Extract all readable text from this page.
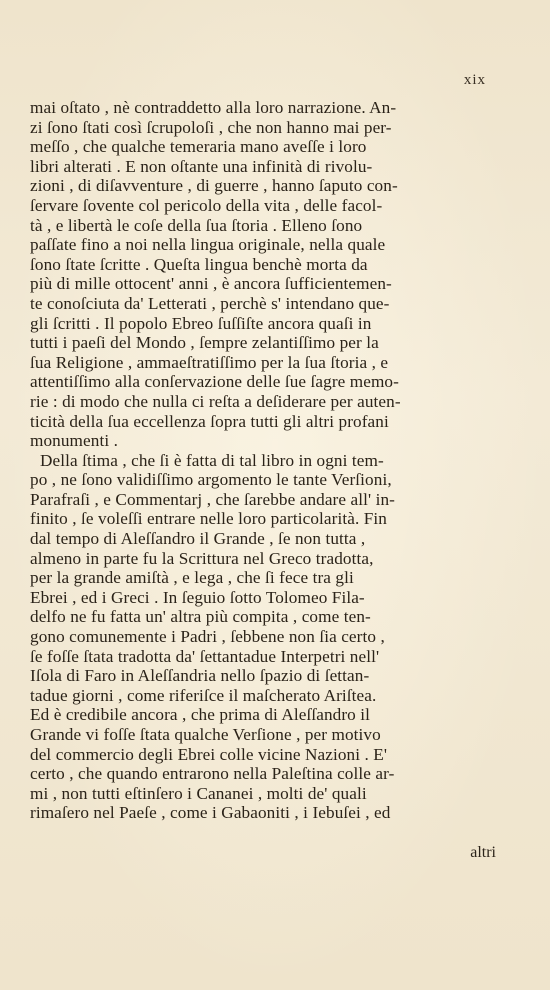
xix
mai oſtato , nè contraddetto alla loro narrazione. An-
zi ſono ſtati così ſcrupoloſi , che non hanno mai per-
meſſo , che qualche temeraria mano aveſſe i loro
libri alterati . E non oſtante una infinità di rivolu-
zioni , di diſavventure , di guerre , hanno ſaputo con-
ſervare ſovente col pericolo della vita , delle facol-
tà , e libertà le coſe della ſua ſtoria . Elleno ſono
paſſate fino a noi nella lingua originale, nella quale
ſono ſtate ſcritte . Queſta lingua benchè morta da
più di mille ottocent' anni , è ancora ſufficientemen-
te conoſciuta da' Letterati , perchè s' intendano que-
gli ſcritti . Il popolo Ebreo ſuſſiſte ancora quaſi in
tutti i paeſi del Mondo , ſempre zelantiſſimo per la
ſua Religione , ammaeſtratiſſimo per la ſua ſtoria , e
attentiſſimo alla conſervazione delle ſue ſagre memo-
rie : di modo che nulla ci reſta a deſiderare per auten-
ticità della ſua eccellenza ſopra tutti gli altri profani
monumenti .
Della ſtima , che ſi è fatta di tal libro in ogni tem-
po , ne ſono validiſſimo argomento le tante Verſioni,
Parafraſi , e Commentarj , che ſarebbe andare all' in-
finito , ſe voleſſi entrare nelle loro particolarità. Fin
dal tempo di Aleſſandro il Grande , ſe non tutta ,
almeno in parte fu la Scrittura nel Greco tradotta,
per la grande amiſtà , e lega , che ſi fece tra gli
Ebrei , ed i Greci . In ſeguio ſotto Tolomeo Fila-
delfo ne fu fatta un' altra più compita , come ten-
gono comunemente i Padri , ſebbene non ſia certo ,
ſe foſſe ſtata tradotta da' ſettantadue Interpetri nell'
Iſola di Faro in Aleſſandria nello ſpazio di ſettan-
tadue giorni , come riferiſce il maſcherato Ariſtea.
Ed è credibile ancora , che prima di Aleſſandro il
Grande vi foſſe ſtata qualche Verſione , per motivo
del commercio degli Ebrei colle vicine Nazioni . E'
certo , che quando entrarono nella Paleſtina colle ar-
mi , non tutti eſtinſero i Cananei , molti de' quali
rimaſero nel Paeſe , come i Gabaoniti , i Iebuſei , ed
altri
